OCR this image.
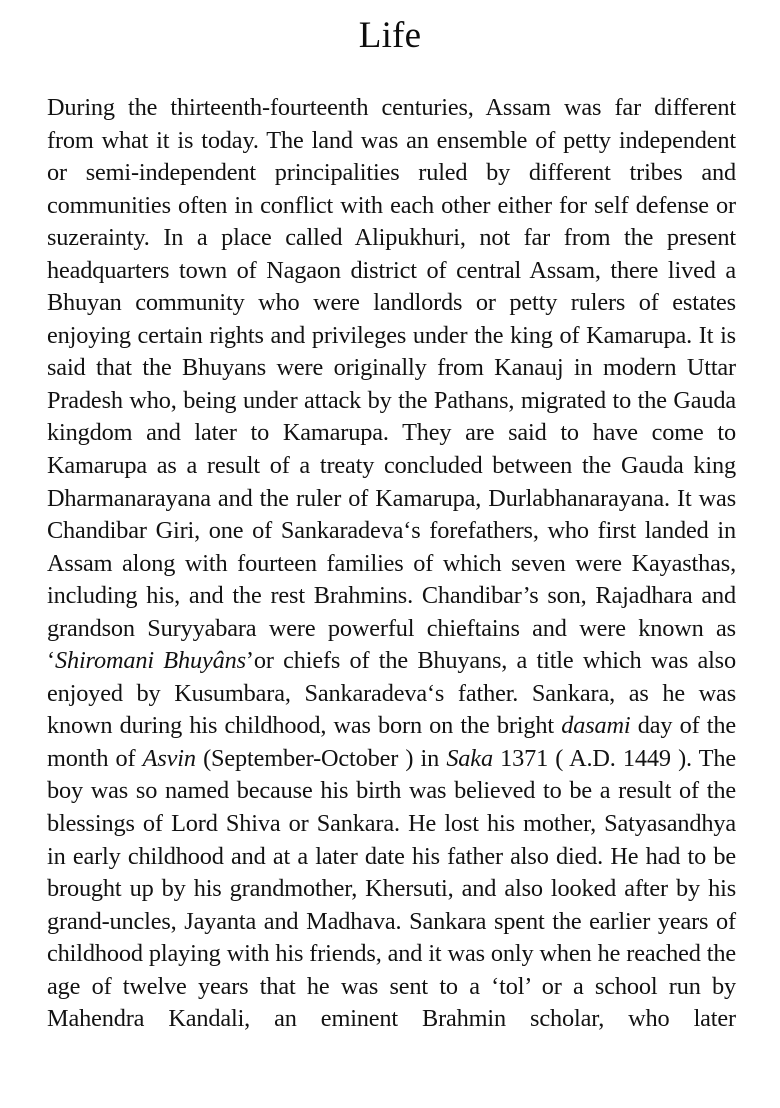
Life

During the thirteenth-fourteenth centuries, Assam was far different from what it is today. The land was an ensemble of petty independent or semi-independent principalities ruled by different tribes and communities often in conflict with each other either for self defense or suzerainty. In a place called Alipukhuri, not far from the present headquarters town of Nagaon district of central Assam, there lived a Bhuyan community who were landlords or petty rulers of estates enjoying certain rights and privileges under the king of Kamarupa. It is said that the Bhuyans were originally from Kanauj in modern Uttar Pradesh who, being under attack by the Pathans, migrated to the Gauda kingdom and later to Kamarupa. They are said to have come to Kamarupa as a result of a treaty concluded between the Gauda king Dharmanarayana and the ruler of Kamarupa, Durlabhanarayana. It was Chandibar Giri, one of Sankaradeva‘s forefathers, who first landed in Assam along with fourteen families of which seven were Kayasthas, including his, and the rest Brahmins. Chandibar’s son, Rajadhara and grandson Suryyabara were powerful chieftains and were known as ‘Shiromani Bhuyâns’or chiefs of the Bhuyans, a title which was also enjoyed by Kusumbara, Sankaradeva‘s father. Sankara, as he was known during his childhood, was born on the bright dasami day of the month of Asvin (September-October ) in Saka 1371 ( A.D. 1449 ). The boy was so named because his birth was believed to be a result of the blessings of Lord Shiva or Sankara. He lost his mother, Satyasandhya in early childhood and at a later date his father also died. He had to be brought up by his grandmother, Khersuti, and also looked after by his grand-uncles, Jayanta and Madhava. Sankara spent the earlier years of childhood playing with his friends, and it was only when he reached the age of twelve years that he was sent to a ‘tol’ or a school run by Mahendra Kandali, an eminent Brahmin scholar, who later
